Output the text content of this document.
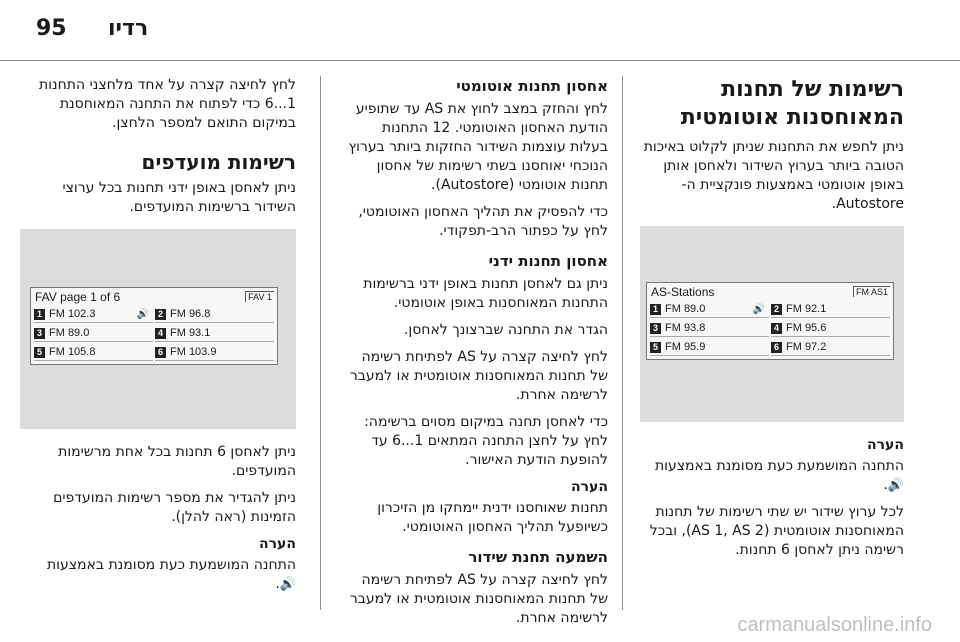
95 רדיו
רשימות של תחנות המאוחסנות אוטומטית

ניתן לחפש את התחנות שניתן לקלוט באיכות הטובה ביותר בערוץ השידור ולאחסן אותן באופן אוטומטי באמצעות פונקציית ה-Autostore.

AS-Stations	FM AS1
1 FM 89.0	🔊 2 FM 92.1
3 FM 93.8	4 FM 95.6
5 FM 95.9	6 FM 97.2

הערה

התחנה המושמעת כעת מסומנת באמצעות 🔊.

לכל ערוץ שידור יש שתי רשימות של תחנות המאוחסנות אוטומטית (AS 1, AS 2), ובכל רשימה ניתן לאחסן 6 תחנות.

אחסון תחנות אוטומטי

לחץ והחזק במצב לחוץ את AS עד שתופיע הודעת האחסון האוטומטי. 12 התחנות בעלות עוצמות השידור החזקות ביותר בערוץ הנוכחי יאוחסנו בשתי רשימות של אחסון תחנות אוטומטי (Autostore).

כדי להפסיק את תהליך האחסון האוטומטי, לחץ על כפתור הרב-תפקודי.

אחסון תחנות ידני

ניתן גם לאחסן תחנות באופן ידני ברשימות התחנות המאוחסנות באופן אוטומטי.

הגדר את התחנה שברצונך לאחסן.

לחץ לחיצה קצרה על AS לפתיחת רשימה של תחנות המאוחסנות אוטומטית או למעבר לרשימה אחרת.

כדי לאחסן תחנה במיקום מסוים ברשימה: לחץ על לחצן התחנה המתאים 1...6 עד להופעת הודעת האישור.

הערה

תחנות שאוחסנו ידנית יימחקו מן הזיכרון כשיופעל תהליך האחסון האוטומטי.

השמעה תחנת שידור

לחץ לחיצה קצרה על AS לפתיחת רשימה של תחנות המאוחסנות אוטומטית או למעבר לרשימה אחרת.

לחץ לחיצה קצרה על אחד מלחצני התחנות 1...6 כדי לפתוח את התחנה המאוחסנת במיקום התואם למספר הלחצן.

רשימות מועדפים

ניתן לאחסן באופן ידני תחנות בכל ערוצי השידור ברשימות המועדפים.

FAV page 1 of 6	FAV 1
1 FM 102.3	🔊 2 FM 96.8
3 FM 89.0	4 FM 93.1
5 FM 105.8	6 FM 103.9

ניתן לאחסן 6 תחנות בכל אחת מרשימות המועדפים.

ניתן להגדיר את מספר רשימות המועדפים הזמינות (ראה להלן).

הערה

התחנה המושמעת כעת מסומנת באמצעות 🔊.

carmanualsonline.info
